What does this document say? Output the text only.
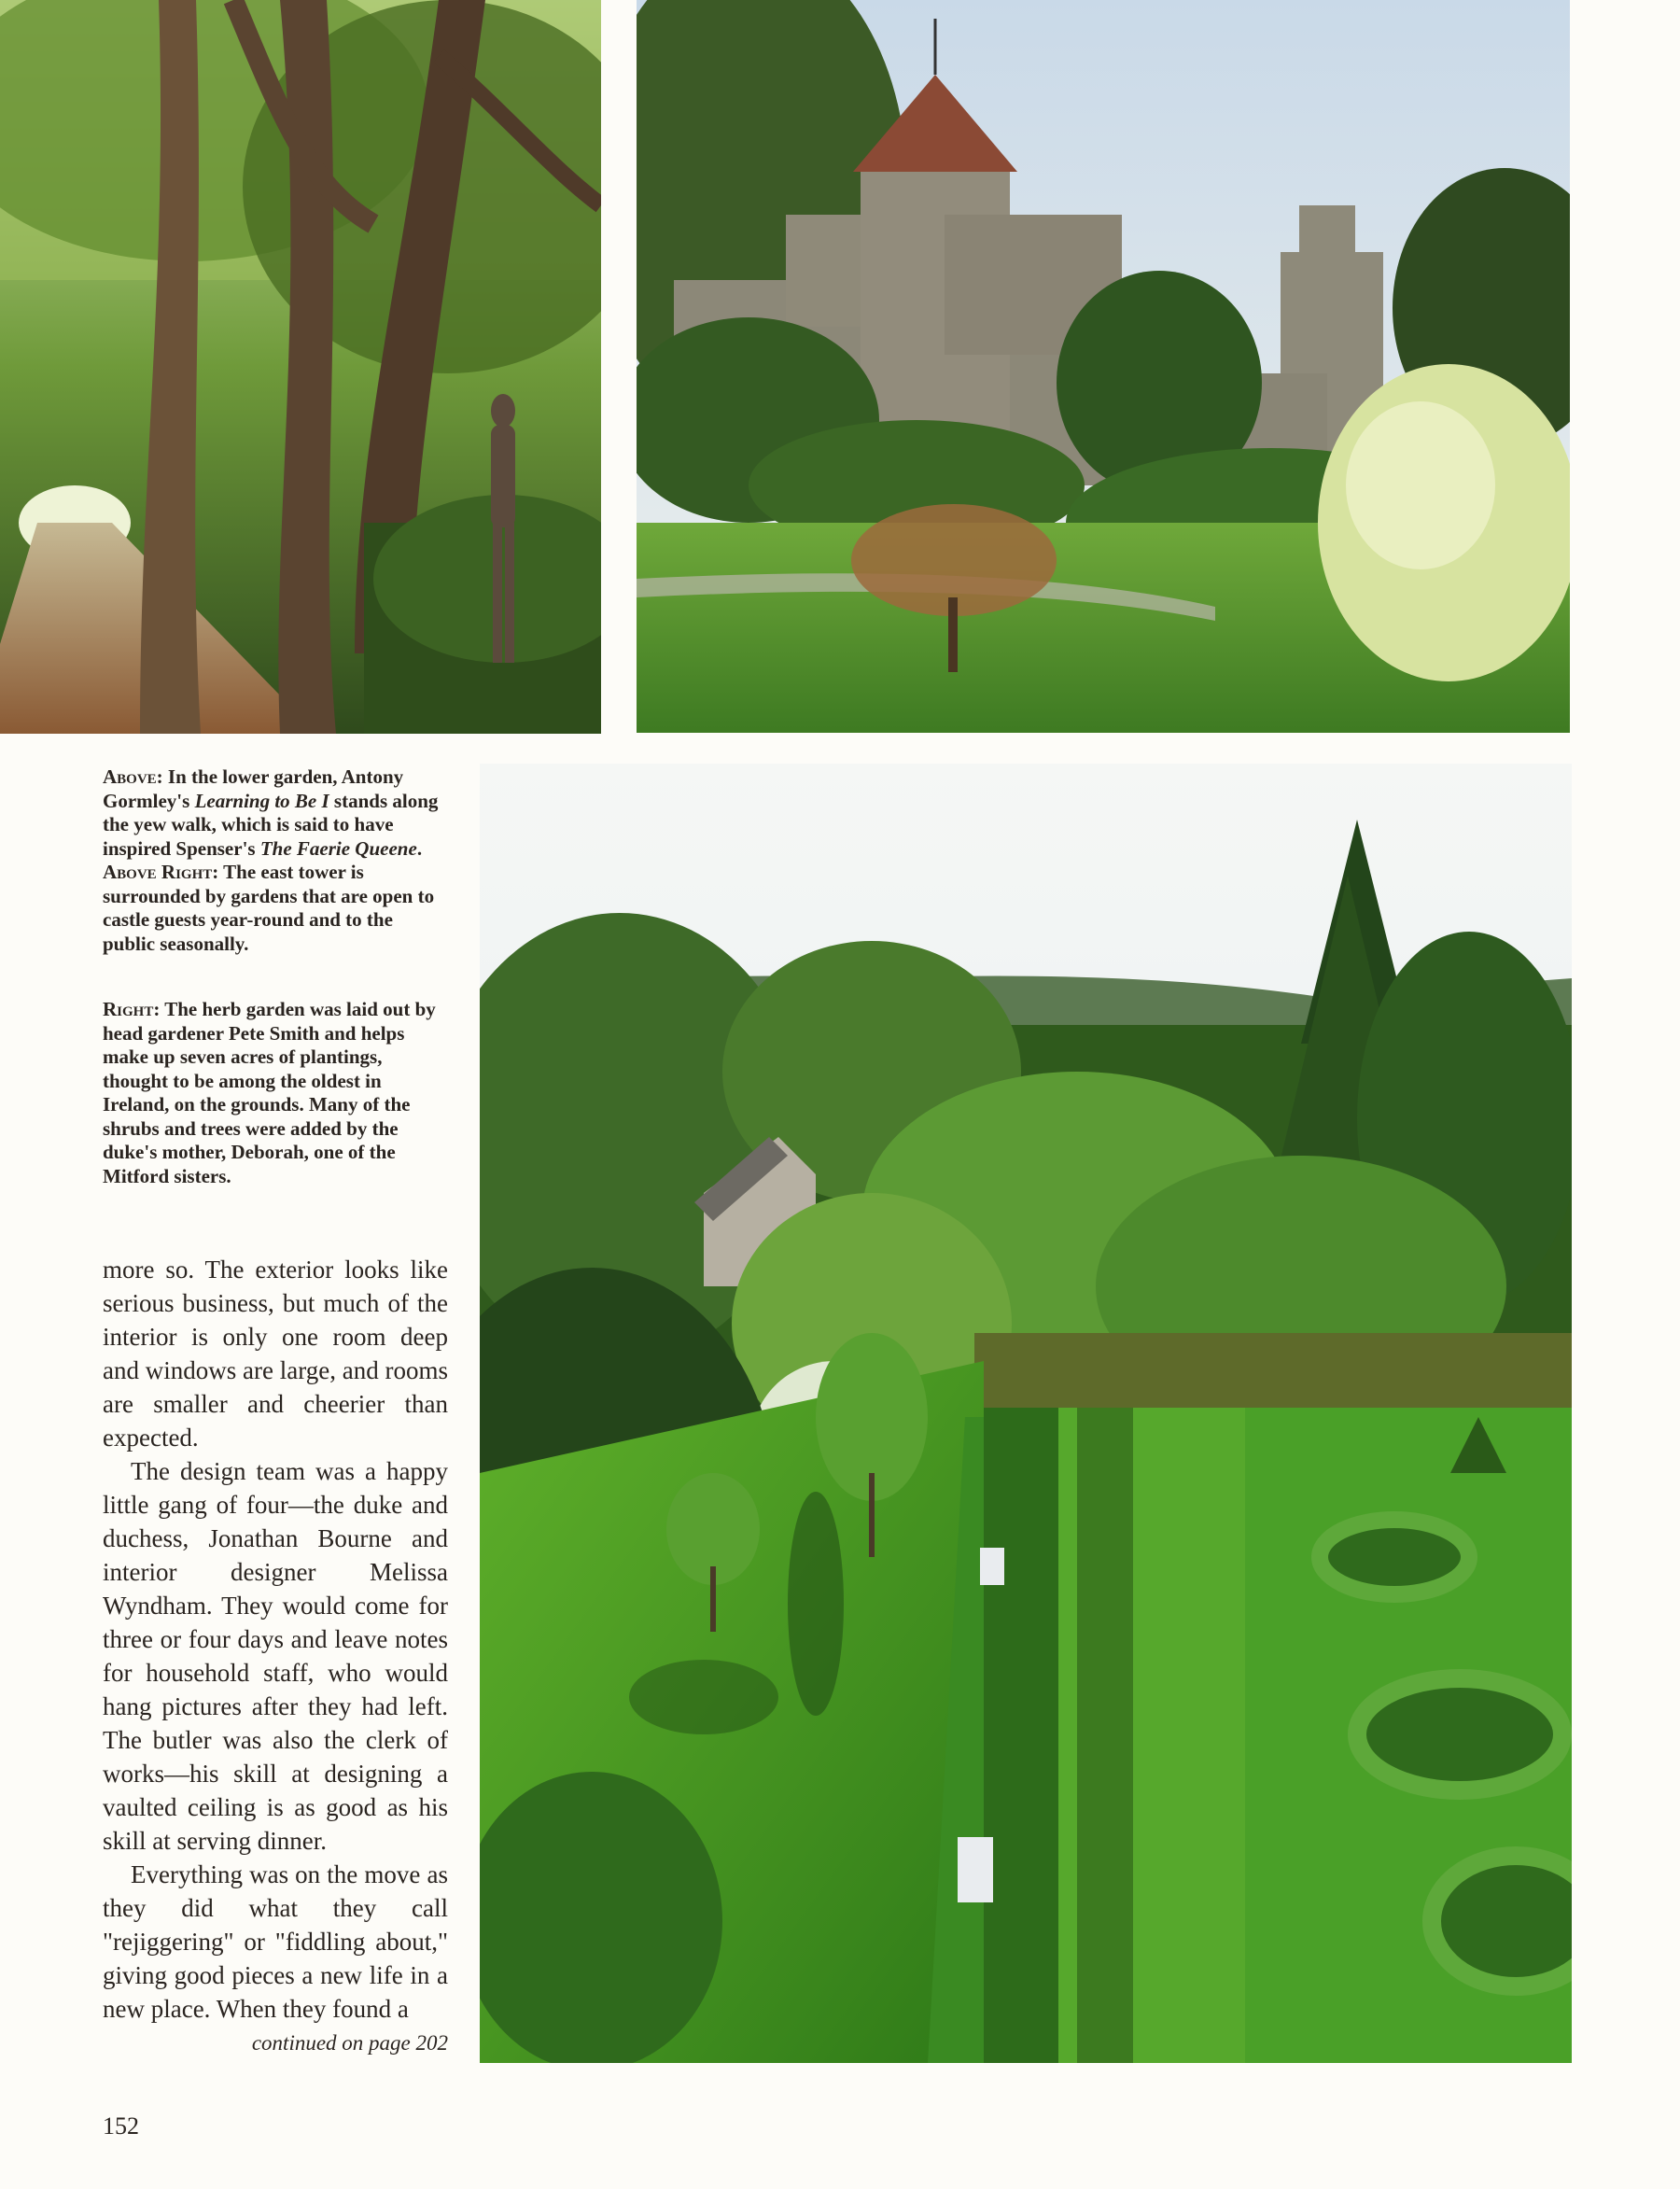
Above: In the lower garden, Antony Gormley's Learning to Be I stands along the yew walk, which is said to have inspired Spenser's The Faerie Queene. Above Right: The east tower is surrounded by gardens that are open to castle guests year-round and to the public seasonally.
Right: The herb garden was laid out by head gardener Pete Smith and helps make up seven acres of plantings, thought to be among the oldest in Ireland, on the grounds. Many of the shrubs and trees were added by the duke's mother, Deborah, one of the Mitford sisters.

more so. The exterior looks like serious business, but much of the interior is only one room deep and windows are large, and rooms are smaller and cheerier than expected.

The design team was a happy little gang of four—the duke and duchess, Jonathan Bourne and interior designer Melissa Wyndham. They would come for three or four days and leave notes for household staff, who would hang pictures after they had left. The butler was also the clerk of works—his skill at designing a vaulted ceiling is as good as his skill at serving dinner.

Everything was on the move as they did what they call "rejiggering" or "fiddling about," giving good pieces a new life in a new place. When they found a

continued on page 202
152
